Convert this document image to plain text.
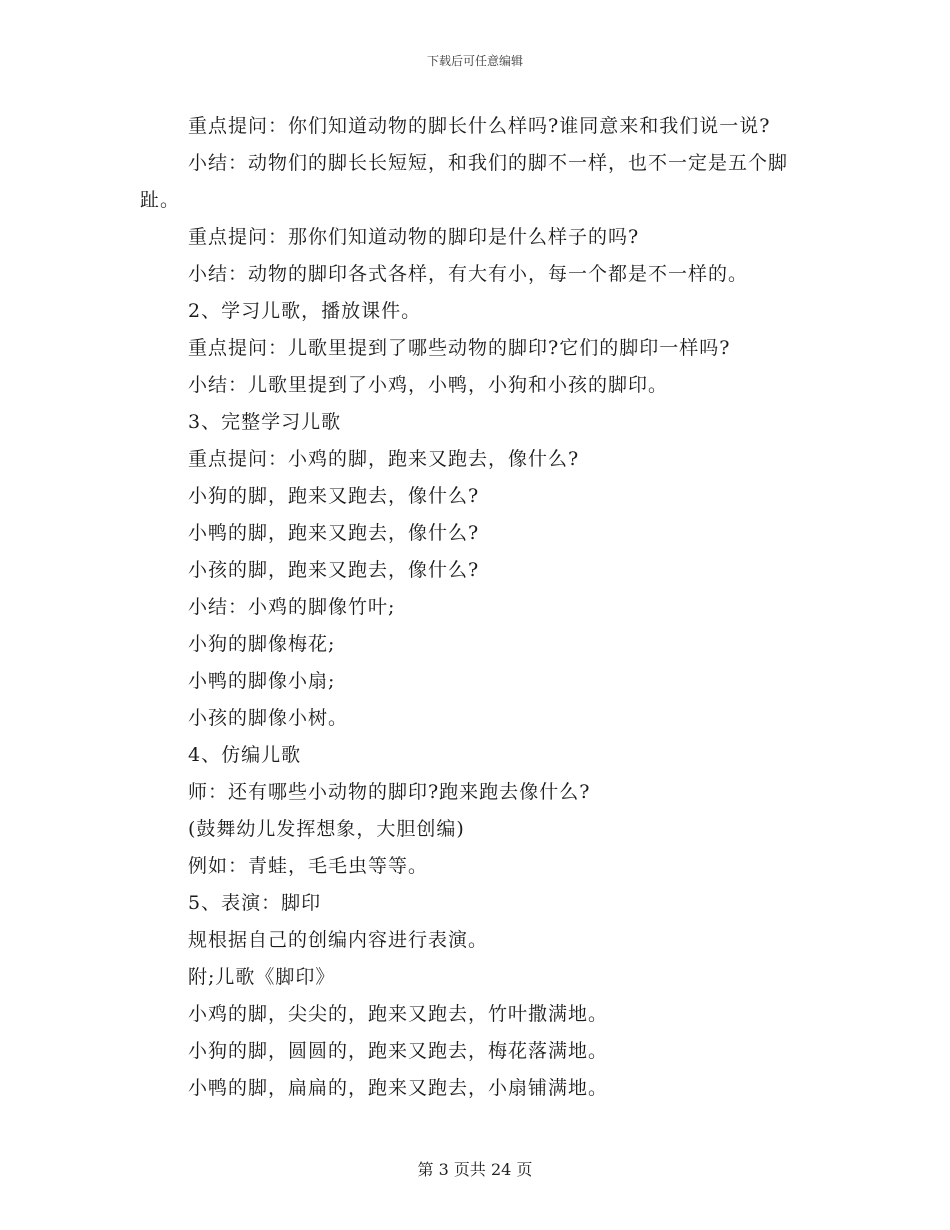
下载后可任意编辑
重点提问：你们知道动物的脚长什么样吗?谁同意来和我们说一说?
小结：动物们的脚长长短短，和我们的脚不一样，也不一定是五个脚趾。
重点提问：那你们知道动物的脚印是什么样子的吗?
小结：动物的脚印各式各样，有大有小，每一个都是不一样的。
2、学习儿歌，播放课件。
重点提问：儿歌里提到了哪些动物的脚印?它们的脚印一样吗?
小结：儿歌里提到了小鸡，小鸭，小狗和小孩的脚印。
3、完整学习儿歌
重点提问：小鸡的脚，跑来又跑去，像什么?
小狗的脚，跑来又跑去，像什么?
小鸭的脚，跑来又跑去，像什么?
小孩的脚，跑来又跑去，像什么?
小结：小鸡的脚像竹叶;
小狗的脚像梅花;
小鸭的脚像小扇;
小孩的脚像小树。
4、仿编儿歌
师：还有哪些小动物的脚印?跑来跑去像什么?
(鼓舞幼儿发挥想象，大胆创编)
例如：青蛙，毛毛虫等等。
5、表演：脚印
规根据自己的创编内容进行表演。
附;儿歌《脚印》
小鸡的脚，尖尖的，跑来又跑去，竹叶撒满地。
小狗的脚，圆圆的，跑来又跑去，梅花落满地。
小鸭的脚，扁扁的，跑来又跑去，小扇铺满地。
第 3 页共 24 页
